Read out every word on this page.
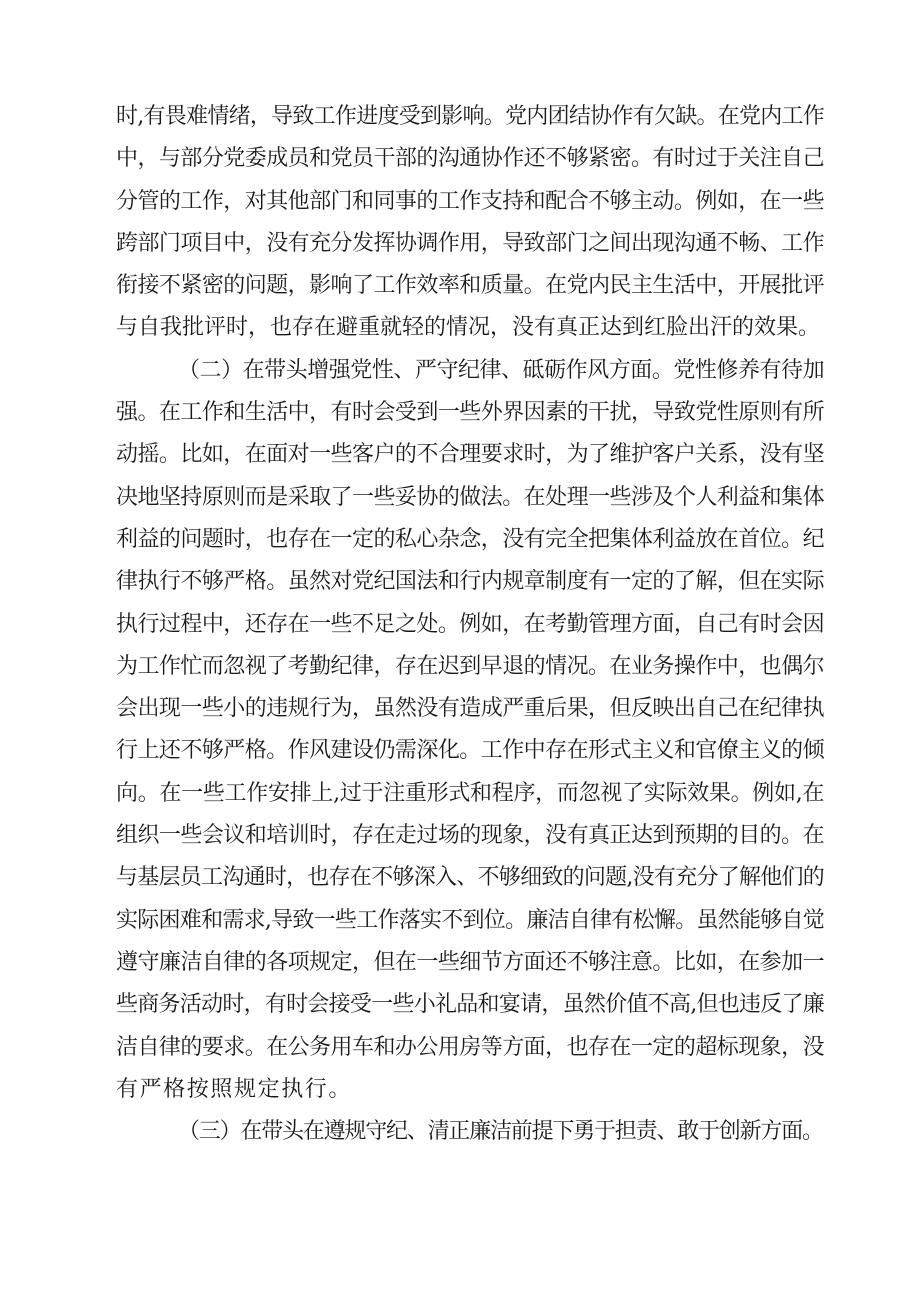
时,有畏难情绪，导致工作进度受到影响。党内团结协作有欠缺。在党内工作
中，与部分党委成员和党员干部的沟通协作还不够紧密。有时过于关注自己
分管的工作，对其他部门和同事的工作支持和配合不够主动。例如，在一些
跨部门项目中，没有充分发挥协调作用，导致部门之间出现沟通不畅、工作
衔接不紧密的问题，影响了工作效率和质量。在党内民主生活中，开展批评
与自我批评时，也存在避重就轻的情况，没有真正达到红脸出汗的效果。
（二）在带头增强党性、严守纪律、砥砺作风方面。党性修养有待加
强。在工作和生活中，有时会受到一些外界因素的干扰，导致党性原则有所
动摇。比如，在面对一些客户的不合理要求时，为了维护客户关系，没有坚
决地坚持原则而是采取了一些妥协的做法。在处理一些涉及个人利益和集体
利益的问题时，也存在一定的私心杂念，没有完全把集体利益放在首位。纪
律执行不够严格。虽然对党纪国法和行内规章制度有一定的了解，但在实际
执行过程中，还存在一些不足之处。例如，在考勤管理方面，自己有时会因
为工作忙而忽视了考勤纪律，存在迟到早退的情况。在业务操作中，也偶尔
会出现一些小的违规行为，虽然没有造成严重后果，但反映出自己在纪律执
行上还不够严格。作风建设仍需深化。工作中存在形式主义和官僚主义的倾
向。在一些工作安排上,过于注重形式和程序，而忽视了实际效果。例如,在
组织一些会议和培训时，存在走过场的现象，没有真正达到预期的目的。在
与基层员工沟通时，也存在不够深入、不够细致的问题,没有充分了解他们的
实际困难和需求,导致一些工作落实不到位。廉洁自律有松懈。虽然能够自觉
遵守廉洁自律的各项规定，但在一些细节方面还不够注意。比如，在参加一
些商务活动时，有时会接受一些小礼品和宴请，虽然价值不高,但也违反了廉
洁自律的要求。在公务用车和办公用房等方面，也存在一定的超标现象，没
有严格按照规定执行。
（三）在带头在遵规守纪、清正廉洁前提下勇于担责、敢于创新方面。
